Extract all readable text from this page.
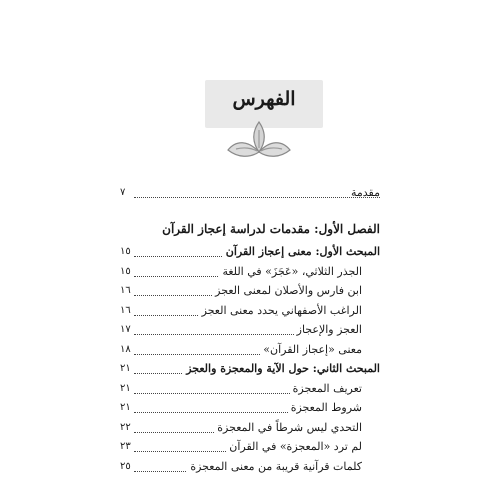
الفهرس
مقدمة
٧
الفصل الأول: مقدمات لدراسة إعجاز القرآن
المبحث الأول: معنى إعجاز القرآن
١٥
الجذر الثلاثي، «عَجَزَ» في اللغة
١٥
ابن فارس والأصلان لمعنى العجز
١٦
الراغب الأصفهاني يحدد معنى العجز
١٦
العجز والإعجاز
١٧
معنى «إعجاز القرآن»
١٨
المبحث الثاني: حول الآية والمعجزة والعجز
٢١
تعريف المعجزة
٢١
شروط المعجزة
٢١
التحدي ليس شرطاً في المعجزة
٢٢
لم ترد «المعجزة» في القرآن
٢٣
كلمات قرآنية قريبة من معنى المعجزة
٢٥
